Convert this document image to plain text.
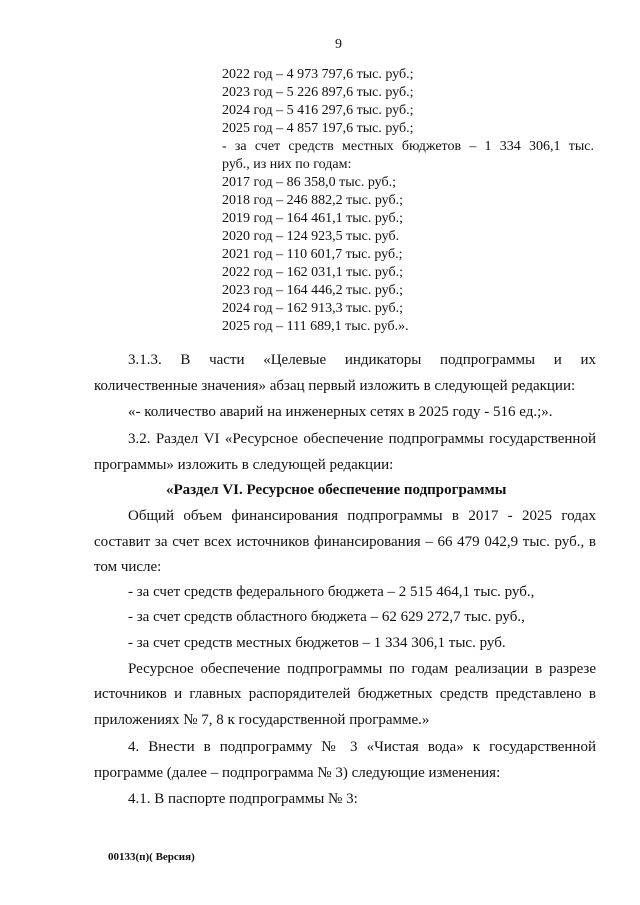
9
2022 год – 4 973 797,6 тыс. руб.;
2023 год – 5 226 897,6 тыс. руб.;
2024 год – 5 416 297,6 тыс. руб.;
2025 год – 4 857 197,6 тыс. руб.;
- за счет средств местных бюджетов – 1 334 306,1 тыс.
руб., из них по годам:
2017 год – 86 358,0 тыс. руб.;
2018 год – 246 882,2 тыс. руб.;
2019 год – 164 461,1 тыс. руб.;
2020 год – 124 923,5 тыс. руб.
2021 год – 110 601,7 тыс. руб.;
2022 год – 162 031,1 тыс. руб.;
2023 год – 164 446,2 тыс. руб.;
2024 год – 162 913,3 тыс. руб.;
2025 год – 111 689,1 тыс. руб.».
3.1.3. В части «Целевые индикаторы подпрограммы и их
количественные значения» абзац первый изложить в следующей редакции:
«- количество аварий на инженерных сетях в 2025 году - 516 ед.;».
3.2. Раздел VI «Ресурсное обеспечение подпрограммы государственной
программы» изложить в следующей редакции:
«Раздел VI. Ресурсное обеспечение подпрограммы
Общий объем финансирования подпрограммы в 2017 - 2025 годах
составит за счет всех источников финансирования – 66 479 042,9 тыс. руб., в
том числе:
- за счет средств федерального бюджета – 2 515 464,1 тыс. руб.,
- за счет средств областного бюджета – 62 629 272,7 тыс. руб.,
- за счет средств местных бюджетов – 1 334 306,1 тыс. руб.
Ресурсное обеспечение подпрограммы по годам реализации в разрезе
источников и главных распорядителей бюджетных средств представлено в
приложениях № 7, 8 к государственной программе.»
4. Внести в подпрограмму № 3 «Чистая вода» к государственной
программе (далее – подпрограмма № 3) следующие изменения:
4.1. В паспорте подпрограммы № 3:
00133(п)( Версия)
